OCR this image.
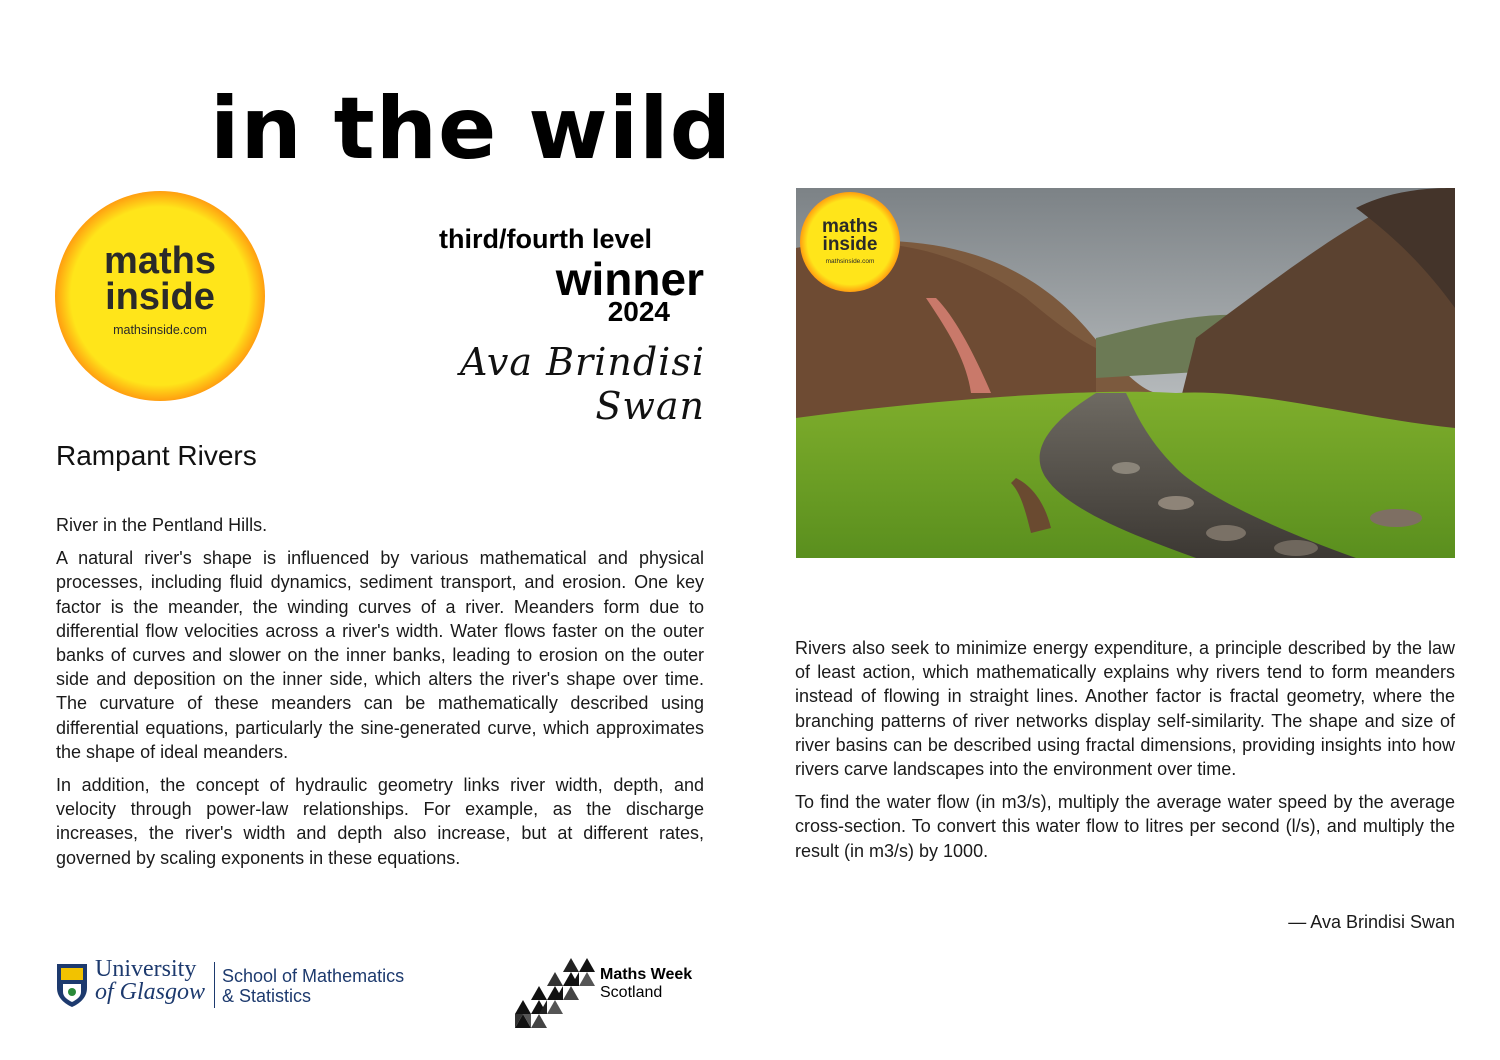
in the wild
maths
inside
mathsinside.com
third/fourth level
winner
2024
Ava Brindisi Swan
Rampant Rivers

River in the Pentland Hills.

A natural river's shape is influenced by various mathematical and physical processes, including fluid dynamics, sediment transport, and erosion. One key factor is the meander, the winding curves of a river. Meanders form due to differential flow velocities across a river's width. Water flows faster on the outer banks of curves and slower on the inner banks, leading to erosion on the outer side and deposition on the inner side, which alters the river's shape over time. The curvature of these meanders can be mathematically described using differential equations, particularly the sine-generated curve, which approximates the shape of ideal meanders.

In addition, the concept of hydraulic geometry links river width, depth, and velocity through power-law relationships. For example, as the discharge increases, the river's width and depth also increase, but at different rates, governed by scaling exponents in these equations.

maths
inside
mathsinside.com

Rivers also seek to minimize energy expenditure, a principle described by the law of least action, which mathematically explains why rivers tend to form meanders instead of flowing in straight lines. Another factor is fractal geometry, where the branching patterns of river networks display self-similarity. The shape and size of river basins can be described using fractal dimensions, providing insights into how rivers carve landscapes into the environment over time.

To find the water flow (in m3/s), multiply the average water speed by the average cross-section. To convert this water flow to litres per second (l/s), and multiply the result (in m3/s) by 1000.

— Ava Brindisi Swan
University
of Glasgow
School of Mathematics
& Statistics
Maths Week
Scotland
